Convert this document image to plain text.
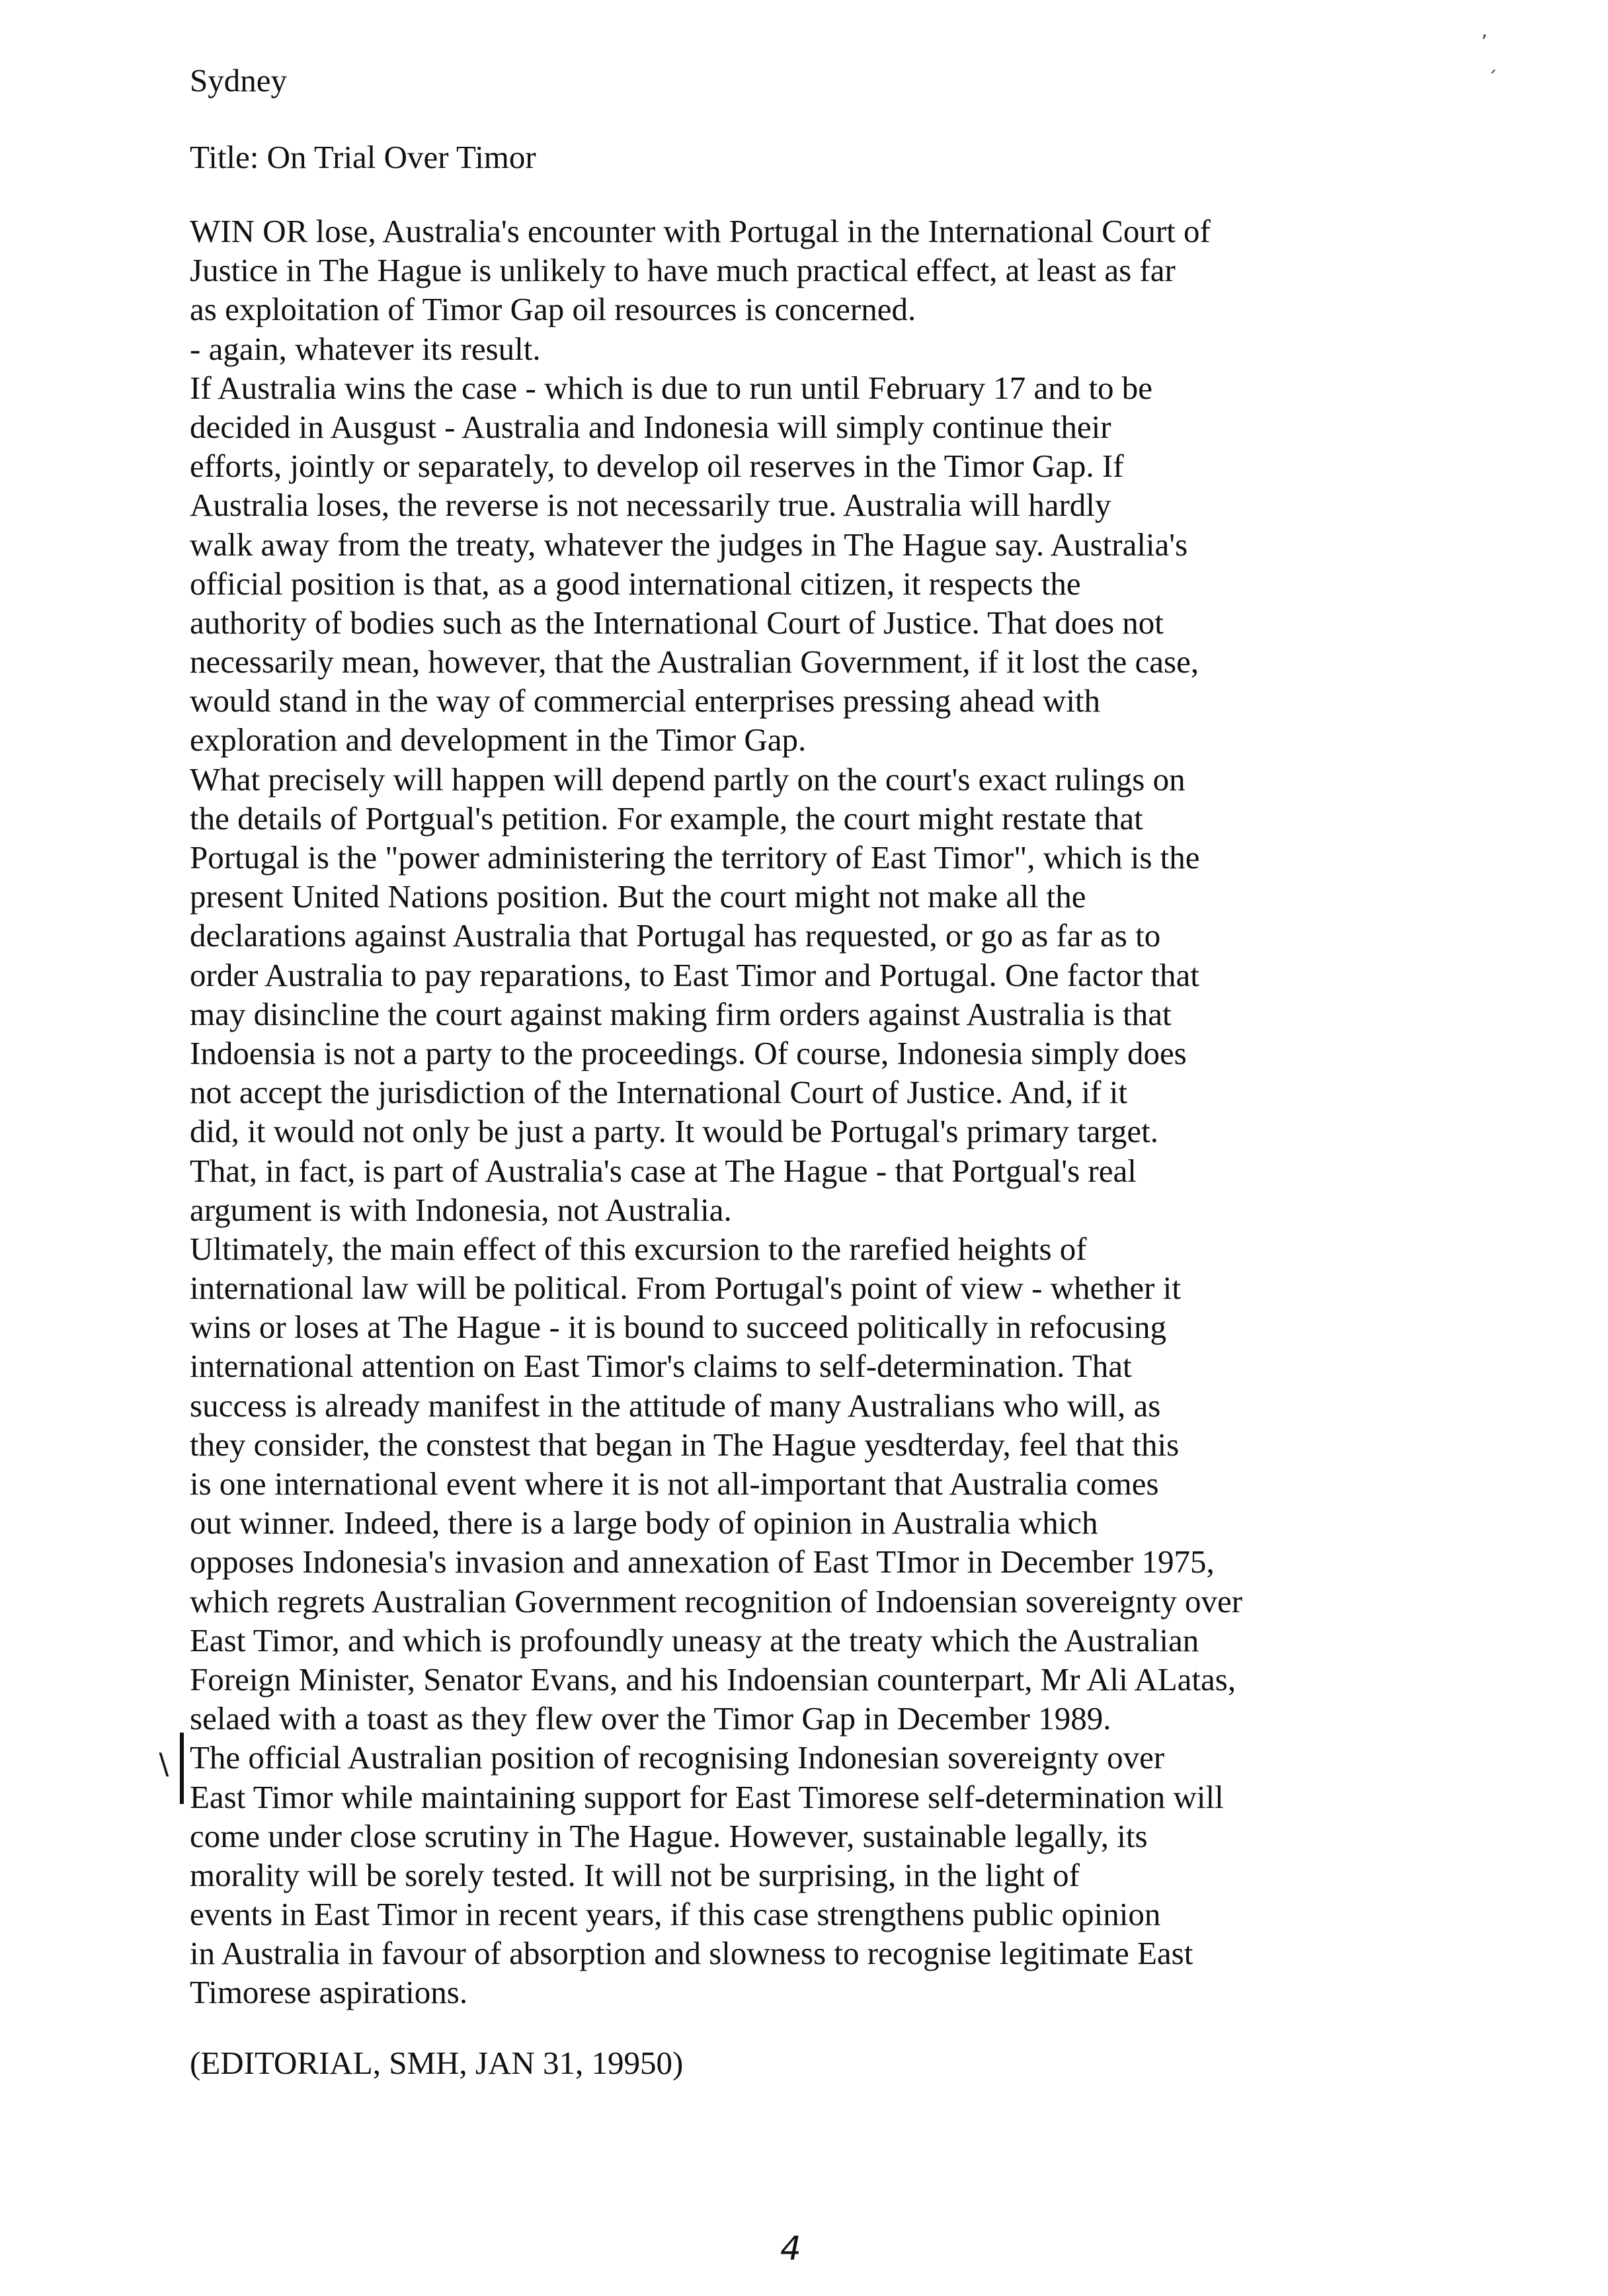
’
ˏ
Sydney
Title: On Trial Over Timor
WIN OR lose, Australia's encounter with Portugal in the International Court of
Justice in The Hague is unlikely to have much practical effect, at least as far
as exploitation of Timor Gap oil resources is concerned.
- again, whatever its result.
If Australia wins the case - which is due to run until February 17 and to be
decided in Ausgust - Australia and Indonesia will simply continue their
efforts, jointly or separately, to develop oil reserves in the Timor Gap. If
Australia loses, the reverse is not necessarily true. Australia will hardly
walk away from the treaty, whatever the judges in The Hague say. Australia's
official position is that, as a good international citizen, it respects the
authority of bodies such as the International Court of Justice. That does not
necessarily mean, however, that the Australian Government, if it lost the case,
would stand in the way of commercial enterprises pressing ahead with
exploration and development in the Timor Gap.
What precisely will happen will depend partly on the court's exact rulings on
the details of Portgual's petition. For example, the court might restate that
Portugal is the "power administering the territory of East Timor", which is the
present United Nations position. But the court might not make all the
declarations against Australia that Portugal has requested, or go as far as to
order Australia to pay reparations, to East Timor and Portugal. One factor that
may disincline the court against making firm orders against Australia is that
Indoensia is not a party to the proceedings. Of course, Indonesia simply does
not accept the jurisdiction of the International Court of Justice. And, if it
did, it would not only be just a party. It would be Portugal's primary target.
That, in fact, is part of Australia's case at The Hague - that Portgual's real
argument is with Indonesia, not Australia.
Ultimately, the main effect of this excursion to the rarefied heights of
international law will be political. From Portugal's point of view - whether it
wins or loses at The Hague - it is bound to succeed politically in refocusing
international attention on East Timor's claims to self-determination. That
success is already manifest in the attitude of many Australians who will, as
they consider, the constest that began in The Hague yesdterday, feel that this
is one international event where it is not all-important that Australia comes
out winner. Indeed, there is a large body of opinion in Australia which
opposes Indonesia's invasion and annexation of East TImor in December 1975,
which regrets Australian Government recognition of Indoensian sovereignty over
East Timor, and which is profoundly uneasy at the treaty which the Australian
Foreign Minister, Senator Evans, and his Indoensian counterpart, Mr Ali ALatas,
selaed with a toast as they flew over the Timor Gap in December 1989.
The official Australian position of recognising Indonesian sovereignty over
East Timor while maintaining support for East Timorese self-determination will
come under close scrutiny in The Hague. However, sustainable legally, its
morality will be sorely tested. It will not be surprising, in the light of
events in East Timor in recent years, if this case strengthens public opinion
in Australia in favour of absorption and slowness to recognise legitimate East
Timorese aspirations.
∖
(EDITORIAL, SMH, JAN 31, 19950)
4
